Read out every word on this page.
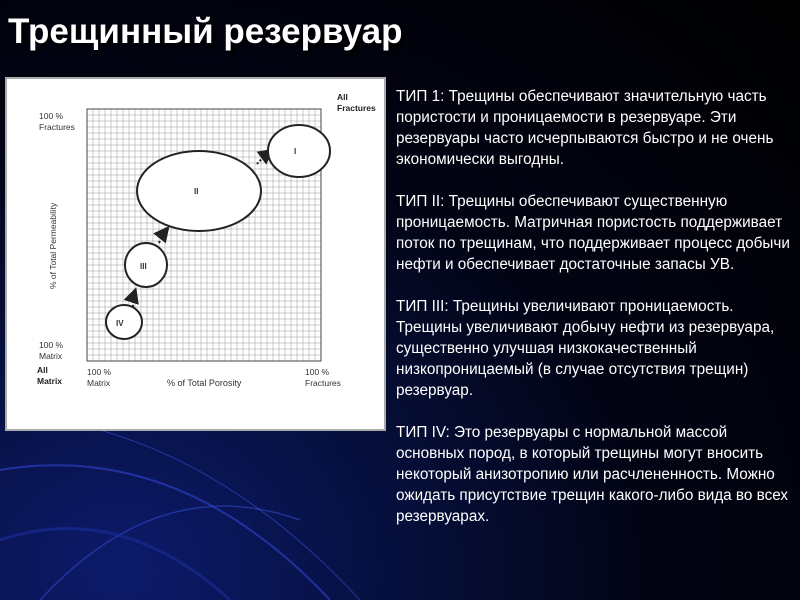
Трещинный резервуар
100 %
Fractures
All
Fractures
100 %
Matrix
All
Matrix
100 %
Matrix
100 %
Fractures
% of Total Porosity
% of Total Permeability
I
II
III
IV

ТИП 1: Трещины обеспечивают значительную часть пористости и проницаемости в резервуаре. Эти резервуары часто исчерпываются быстро и не очень экономически выгодны.

ТИП II: Трещины обеспечивают существенную проницаемость. Матричная пористость поддерживает поток по трещинам, что поддерживает процесс добычи нефти и обеспечивает достаточные запасы УВ.

ТИП III: Трещины увеличивают проницаемость. Трещины увеличивают добычу нефти из резервуара, существенно улучшая низкокачественный низкопроницаемый (в случае отсутствия трещин) резервуар.

ТИП IV: Это резервуары с нормальной массой основных пород, в который трещины могут вносить некоторый анизотропию или расчлененность. Можно ожидать присутствие трещин какого-либо вида во всех резервуарах.
